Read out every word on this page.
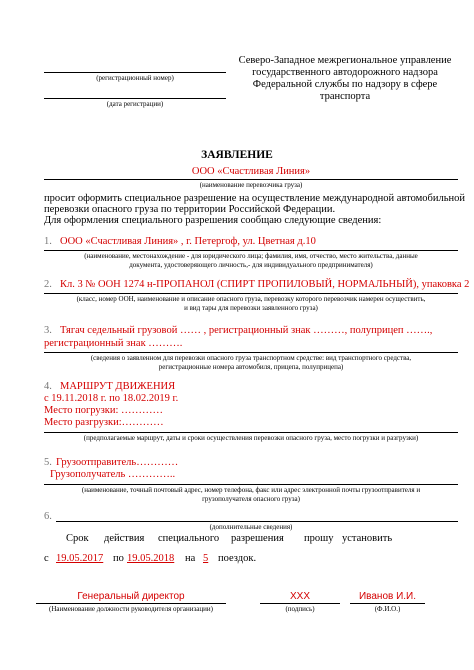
(регистрационный номер)
(дата регистрации)
Северо-Западное межрегиональное управление
государственного автодорожного надзора
Федеральной службы по надзору в сфере
транспорта
ЗАЯВЛЕНИЕ
ООО «Счастливая Линия»
(наименование перевозчика груза)
просит оформить специальное разрешение на осуществление международной автомобильной
перевозки опасного груза по территории Российской Федерации.
Для оформления специального разрешения сообщаю следующие сведения:
1. ООО «Счастливая Линия» , г. Петергоф, ул. Цветная д.10
(наименование, местонахождение - для юридического лица; фамилия, имя, отчество, место жительства, данные
документа, удостоверяющего личность,- для индивидуального предпринимателя)
2. Кл. 3 № ООН 1274 н-ПРОПАНОЛ (СПИРТ ПРОПИЛОВЫЙ, НОРМАЛЬНЫЙ), упаковка 2
(класс, номер ООН, наименование и описание опасного груза, перевозку которого перевозчик намерен осуществить,
и вид тары для перевозки заявленного груза)
3. Тягач седельный грузовой …… , регистрационный знак ………, полуприцеп …….,
регистрационный знак ……….
(сведения о заявленном для перевозки опасного груза транспортном средстве: вид транспортного средства,
регистрационные номера автомобиля, прицепа, полуприцепа)
4. МАРШРУТ ДВИЖЕНИЯ
с 19.11.2018 г. по 18.02.2019 г.
Место погрузки: …………
Место разгрузки:…………
(предполагаемые маршрут, даты и сроки осуществления перевозки опасного груза, место погрузки и разгрузки)
5. Грузоотправитель…………
Грузополучатель …………..
(наименование, точный почтовый адрес, номер телефона, факс или адрес электронной почты грузоотправителя и
грузополучателя опасного груза)
6.
(дополнительные сведения)
Срок действия специального разрешения прошу установить
с 19.05.2017 по 19.05.2018 на 5 поездок.
Генеральный директор
(Наименование должности руководителя организации)
XXX
(подпись)
Иванов И.И.
(Ф.И.О.)
